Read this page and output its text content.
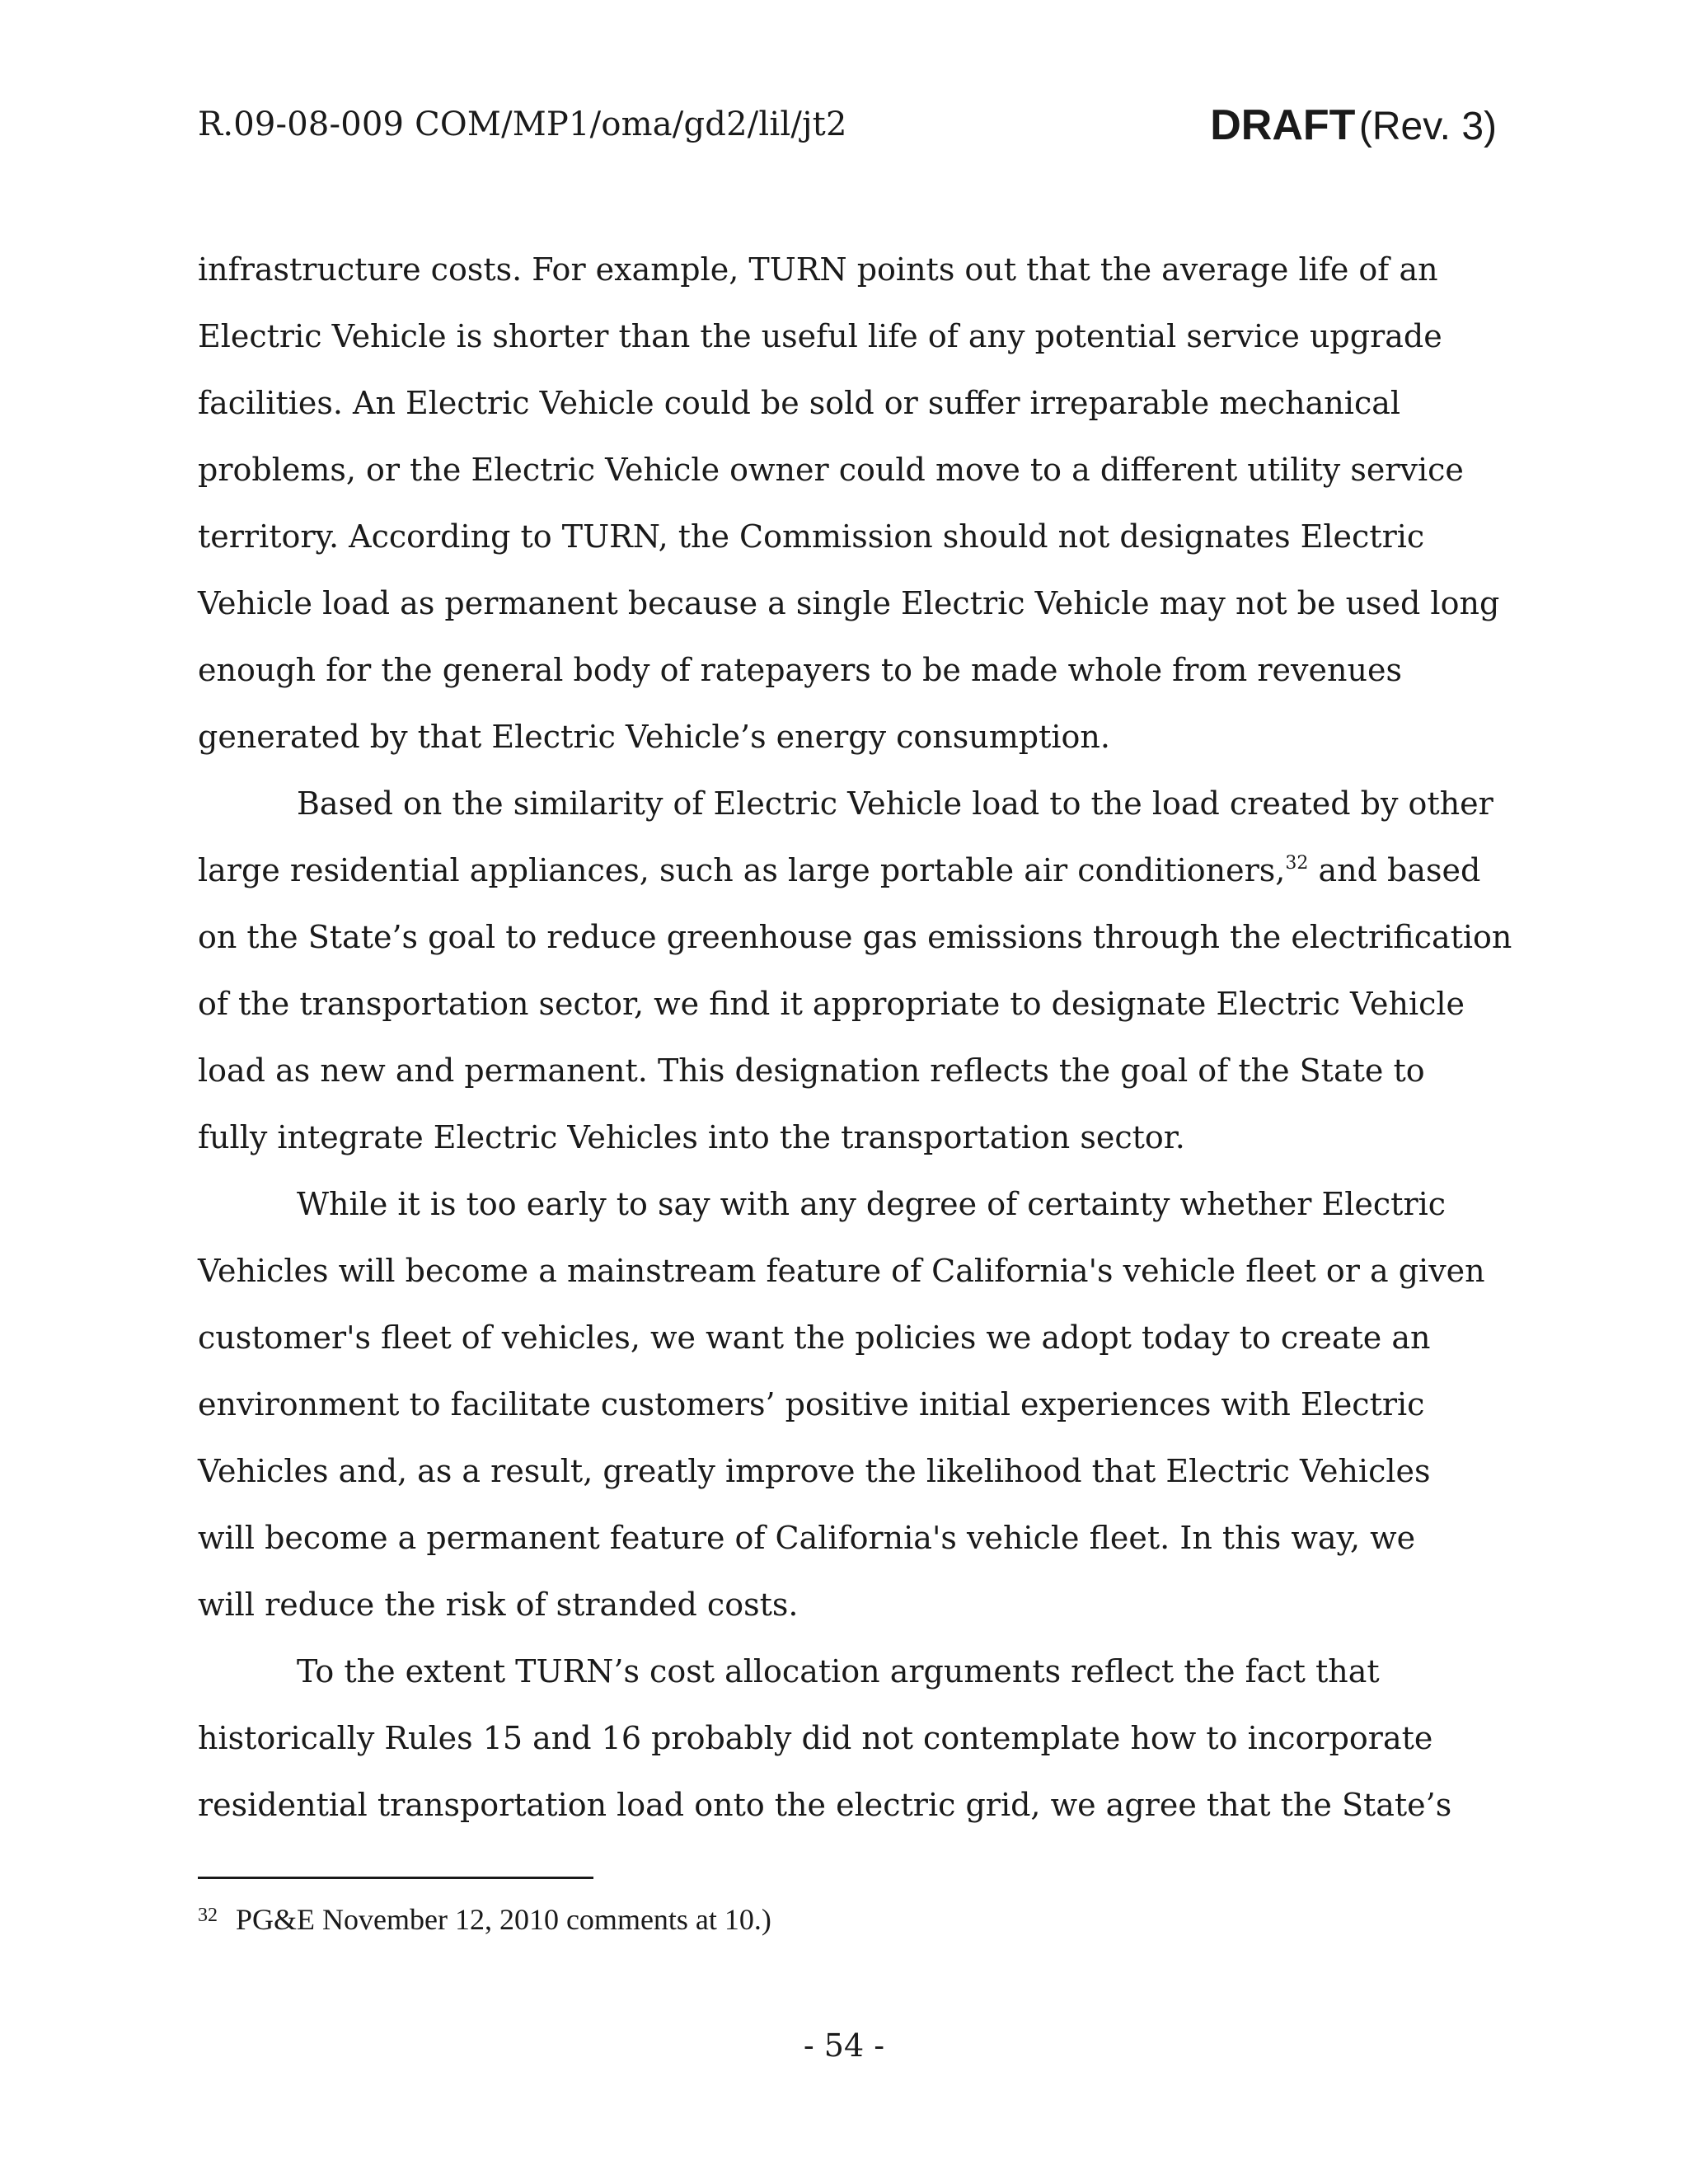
R.09-08-009 COM/MP1/oma/gd2/lil/jt2	DRAFT (Rev. 3)
infrastructure costs. For example, TURN points out that the average life of an
Electric Vehicle is shorter than the useful life of any potential service upgrade
facilities. An Electric Vehicle could be sold or suffer irreparable mechanical
problems, or the Electric Vehicle owner could move to a different utility service
territory. According to TURN, the Commission should not designates Electric
Vehicle load as permanent because a single Electric Vehicle may not be used long
enough for the general body of ratepayers to be made whole from revenues
generated by that Electric Vehicle’s energy consumption.
Based on the similarity of Electric Vehicle load to the load created by other
large residential appliances, such as large portable air conditioners,$^{32}$ and based
on the State’s goal to reduce greenhouse gas emissions through the electrification
of the transportation sector, we find it appropriate to designate Electric Vehicle
load as new and permanent. This designation reflects the goal of the State to
fully integrate Electric Vehicles into the transportation sector.
While it is too early to say with any degree of certainty whether Electric
Vehicles will become a mainstream feature of California's vehicle fleet or a given
customer's fleet of vehicles, we want the policies we adopt today to create an
environment to facilitate customers’ positive initial experiences with Electric
Vehicles and, as a result, greatly improve the likelihood that Electric Vehicles
will become a permanent feature of California's vehicle fleet. In this way, we
will reduce the risk of stranded costs.
To the extent TURN’s cost allocation arguments reflect the fact that
historically Rules 15 and 16 probably did not contemplate how to incorporate
residential transportation load onto the electric grid, we agree that the State’s
$^{32}$ PG&E November 12, 2010 comments at 10.)
- 54 -
